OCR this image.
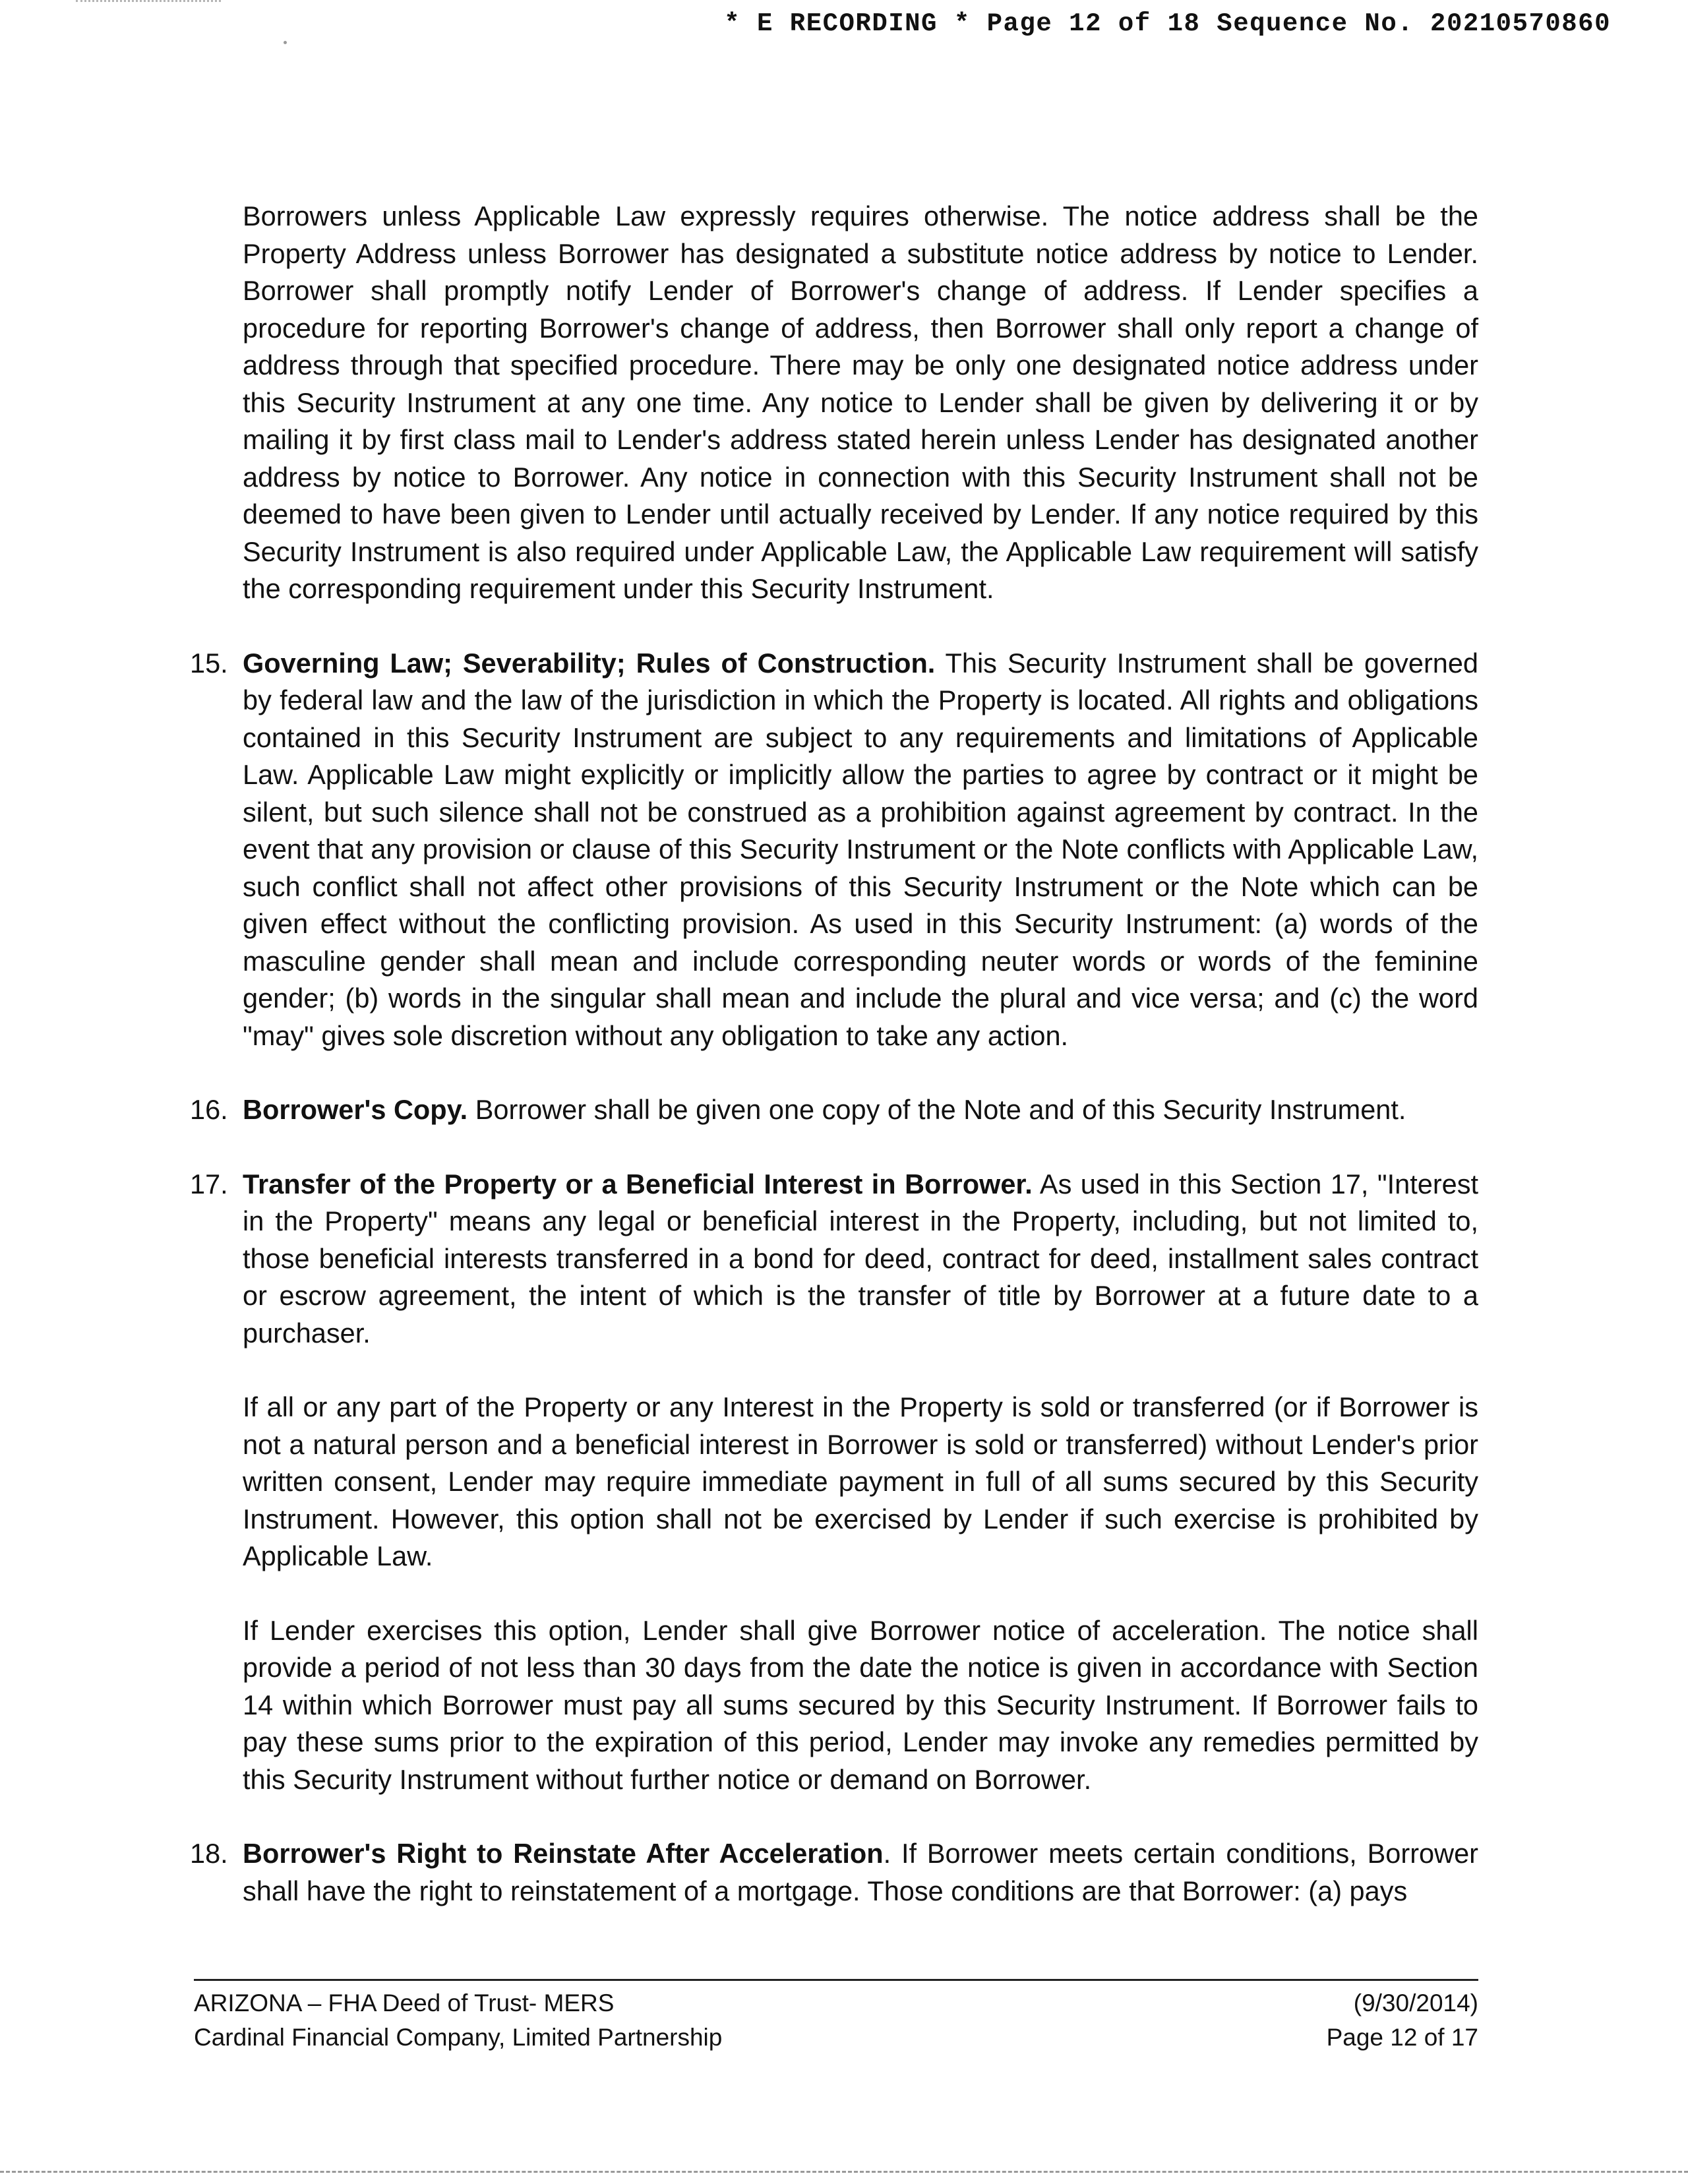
* E RECORDING * Page 12 of 18 Sequence No. 20210570860

Borrowers unless Applicable Law expressly requires otherwise. The notice address shall be the Property Address unless Borrower has designated a substitute notice address by notice to Lender. Borrower shall promptly notify Lender of Borrower's change of address. If Lender specifies a procedure for reporting Borrower's change of address, then Borrower shall only report a change of address through that specified procedure. There may be only one designated notice address under this Security Instrument at any one time. Any notice to Lender shall be given by delivering it or by mailing it by first class mail to Lender's address stated herein unless Lender has designated another address by notice to Borrower. Any notice in connection with this Security Instrument shall not be deemed to have been given to Lender until actually received by Lender. If any notice required by this Security Instrument is also required under Applicable Law, the Applicable Law requirement will satisfy the corresponding requirement under this Security Instrument.

15. Governing Law; Severability; Rules of Construction. This Security Instrument shall be governed by federal law and the law of the jurisdiction in which the Property is located. All rights and obligations contained in this Security Instrument are subject to any requirements and limitations of Applicable Law. Applicable Law might explicitly or implicitly allow the parties to agree by contract or it might be silent, but such silence shall not be construed as a prohibition against agreement by contract. In the event that any provision or clause of this Security Instrument or the Note conflicts with Applicable Law, such conflict shall not affect other provisions of this Security Instrument or the Note which can be given effect without the conflicting provision. As used in this Security Instrument: (a) words of the masculine gender shall mean and include corresponding neuter words or words of the feminine gender; (b) words in the singular shall mean and include the plural and vice versa; and (c) the word "may" gives sole discretion without any obligation to take any action.

16. Borrower's Copy. Borrower shall be given one copy of the Note and of this Security Instrument.

17. Transfer of the Property or a Beneficial Interest in Borrower. As used in this Section 17, "Interest in the Property" means any legal or beneficial interest in the Property, including, but not limited to, those beneficial interests transferred in a bond for deed, contract for deed, installment sales contract or escrow agreement, the intent of which is the transfer of title by Borrower at a future date to a purchaser.

If all or any part of the Property or any Interest in the Property is sold or transferred (or if Borrower is not a natural person and a beneficial interest in Borrower is sold or transferred) without Lender's prior written consent, Lender may require immediate payment in full of all sums secured by this Security Instrument. However, this option shall not be exercised by Lender if such exercise is prohibited by Applicable Law.

If Lender exercises this option, Lender shall give Borrower notice of acceleration. The notice shall provide a period of not less than 30 days from the date the notice is given in accordance with Section 14 within which Borrower must pay all sums secured by this Security Instrument. If Borrower fails to pay these sums prior to the expiration of this period, Lender may invoke any remedies permitted by this Security Instrument without further notice or demand on Borrower.

18. Borrower's Right to Reinstate After Acceleration. If Borrower meets certain conditions, Borrower shall have the right to reinstatement of a mortgage. Those conditions are that Borrower: (a) pays

ARIZONA – FHA Deed of Trust- MERS
Cardinal Financial Company, Limited Partnership
(9/30/2014)
Page 12 of 17
